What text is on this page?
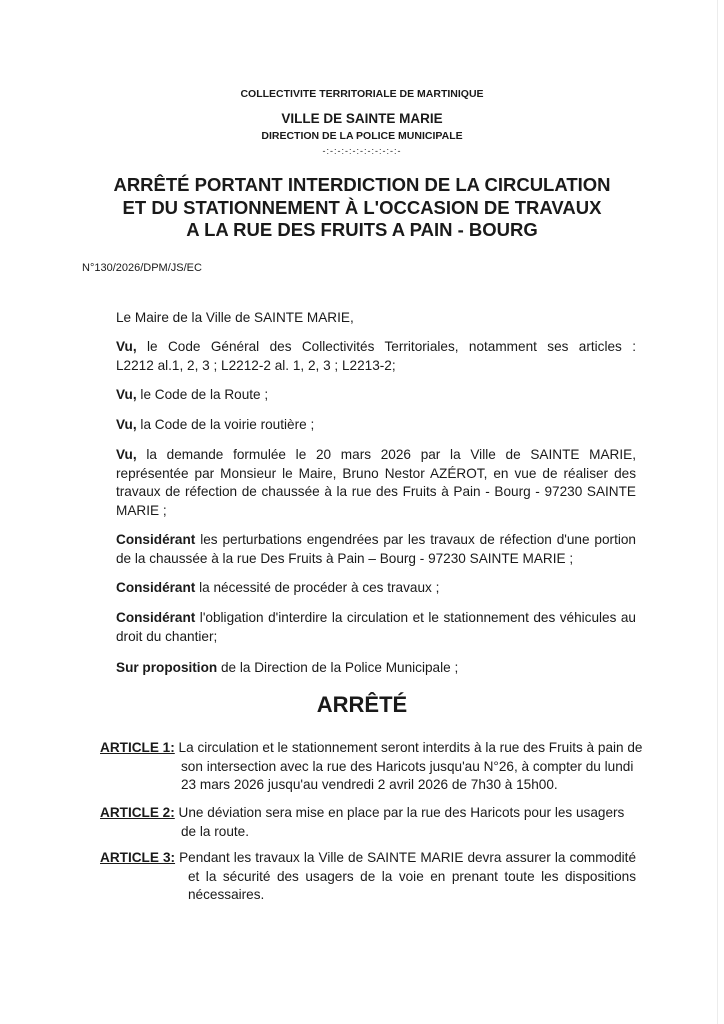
COLLECTIVITE TERRITORIALE DE MARTINIQUE
VILLE DE SAINTE MARIE
DIRECTION DE LA POLICE MUNICIPALE
-:-:-:-:-:-:-:-:-:-:-
ARRÊTÉ PORTANT INTERDICTION DE LA CIRCULATION
ET DU STATIONNEMENT À L'OCCASION DE TRAVAUX
A LA RUE DES FRUITS A PAIN - BOURG
N°130/2026/DPM/JS/EC
Le Maire de la Ville de SAINTE MARIE,
Vu, le Code Général des Collectivités Territoriales, notamment ses articles :
L2212 al.1, 2, 3 ; L2212-2 al. 1, 2, 3 ; L2213-2;
Vu, le Code de la Route ;
Vu, la Code de la voirie routière ;
Vu, la demande formulée le 20 mars 2026 par la Ville de SAINTE MARIE,
représentée par Monsieur le Maire, Bruno Nestor AZÉROT, en vue de réaliser des
travaux de réfection de chaussée à la rue des Fruits à Pain - Bourg - 97230 SAINTE
MARIE ;
Considérant les perturbations engendrées par les travaux de réfection d'une portion
de la chaussée à la rue Des Fruits à Pain – Bourg - 97230 SAINTE MARIE ;
Considérant la nécessité de procéder à ces travaux ;
Considérant l'obligation d'interdire la circulation et le stationnement des véhicules au
droit du chantier;
Sur proposition de la Direction de la Police Municipale ;
ARRÊTÉ
ARTICLE 1: La circulation et le stationnement seront interdits à la rue des Fruits à pain de
son intersection avec la rue des Haricots jusqu'au N°26, à compter du lundi
23 mars 2026 jusqu'au vendredi 2 avril 2026 de 7h30 à 15h00.
ARTICLE 2: Une déviation sera mise en place par la rue des Haricots pour les usagers
de la route.
ARTICLE 3: Pendant les travaux la Ville de SAINTE MARIE devra assurer la commodité
et la sécurité des usagers de la voie en prenant toute les dispositions
nécessaires.
